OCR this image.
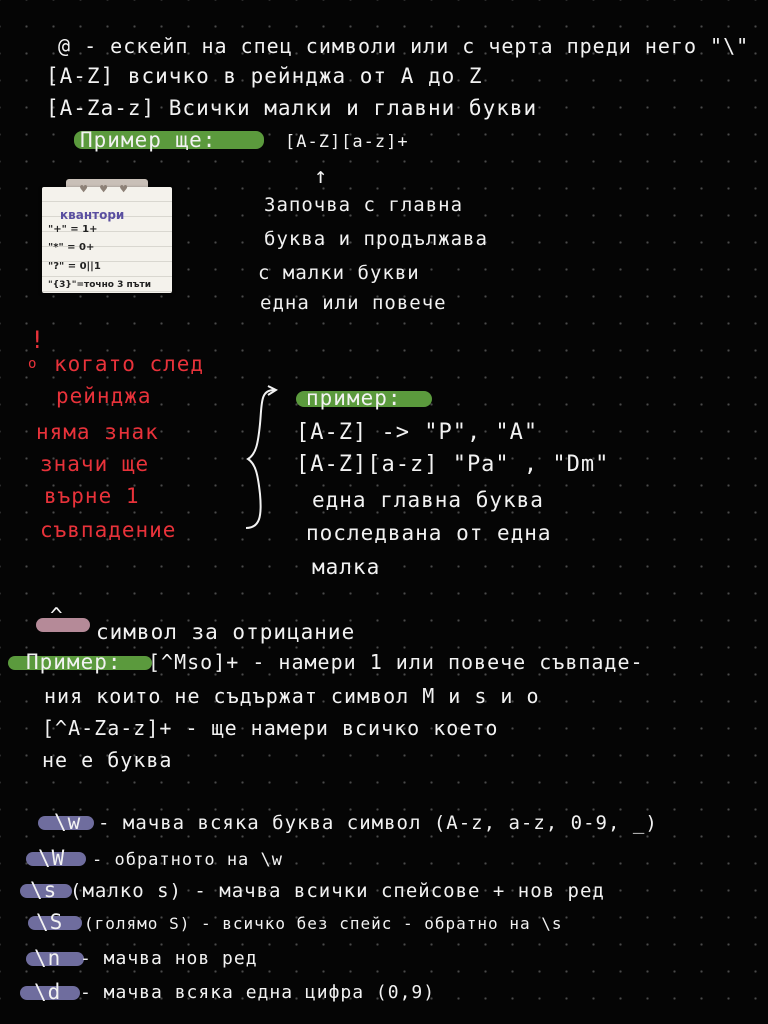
@ - ескейп на спец символи или с черта преди него "\"
[A-Z] всичко в рейнджа от A до Z
[A-Za-z] Всички малки и главни букви
Пример ще:	[A-Z][a-z]+
↑
Започва с главна
буква и продължава
с малки букви
една или повече
♥ ♥ ♥
квантори
"+" = 1+
"*" = 0+
"?" = 0||1
"{3}"=точно 3 пъти
!
o когато след
рейнджа
няма знак
значи ще
върне 1
съвпадение
пример:
[A-Z] -> "P", "A"
[A-Z][a-z] "Pa" , "Dm"
една главна буква
последвана от една
малка
^
символ за отрицание
Пример: [^Mso]+ - намери 1 или повече съвпаде-
ния които не съдържат символ M и s и o
[^A-Za-z]+ - ще намери всичко което
не е буква
\w - мачва всяка буква символ (A-z, a-z, 0-9, _)
\W - обратното на \w
\s (малко s) - мачва всички спейсове + нов ред
\S (голямо S) - всичко без спейс - обратно на \s
\n - мачва нов ред
\d - мачва всяка една цифра (0,9)
